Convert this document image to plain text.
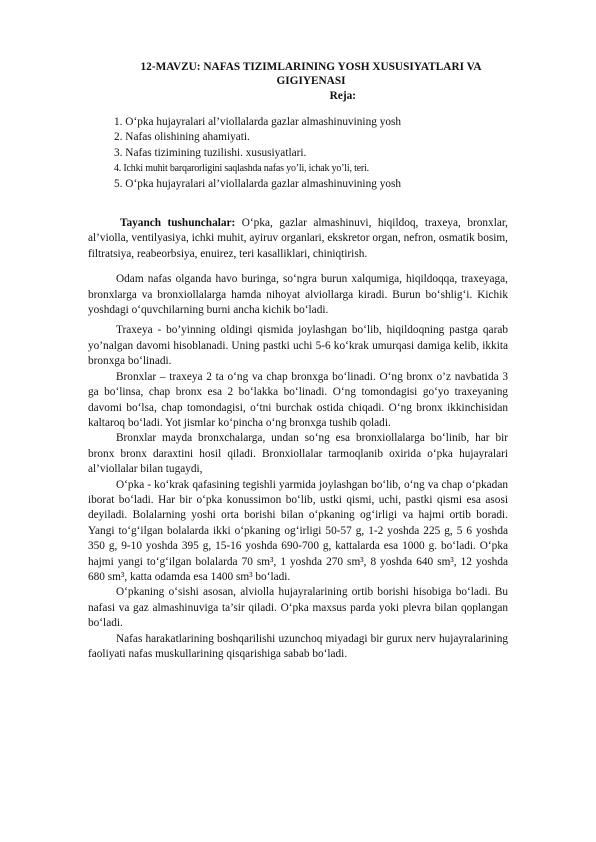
12-MAVZU: NAFAS TIZIMLARINING YOSH XUSUSIYATLARI VA GIGIYENASI
Reja:
1. O‘pka hujayralari al’viollalarda gazlar almashinuvining yosh
2. Nafas olishining ahamiyati.
3. Nafas tizimining tuzilishi. xususiyatlari.
4. Ichki muhit barqarorligini saqlashda nafas yo’li, ichak yo’li, teri.
5. O‘pka hujayralari al’viollalarda gazlar almashinuvining yosh
Tayanch tushunchalar: O‘pka, gazlar almashinuvi, hiqildoq, traxeya, bronxlar, al’violla, ventilyasiya, ichki muhit, ayiruv organlari, ekskretor organ, nefron, osmatik bosim, filtratsiya, reabeorbsiya, enuirez, teri kasalliklari, chiniqtirish.

Odam nafas olganda havo buringa, so‘ngra burun xalqumiga, hiqildoqqa, traxeyaga, bronxlarga va bronxiollalarga hamda nihoyat alviollarga kiradi. Burun bo‘shlig‘i. Kichik yoshdagi o‘quvchilarning burni ancha kichik bo‘ladi.

Traxeya - bo’yinning oldingi qismida joylashgan bo‘lib, hiqildoqning pastga qarab yo’nalgan davomi hisoblanadi. Uning pastki uchi 5-6 ko‘krak umurqasi damiga kelib, ikkita bronxga bo‘linadi.

Bronxlar – traxeya 2 ta o‘ng va chap bronxga bo‘linadi. O‘ng bronx o’z navbatida 3 ga bo‘linsa, chap bronx esa 2 bo‘lakka bo‘linadi. O‘ng tomondagisi go‘yo traxeyaning davomi bo‘lsa, chap tomondagisi, o‘tni burchak ostida chiqadi. O‘ng bronx ikkinchisidan kaltaroq bo‘ladi. Yot jismlar ko‘pincha o‘ng bronxga tushib qoladi.

Bronxlar mayda bronxchalarga, undan so‘ng esa bronxiollalarga bo‘linib, har bir bronx bronx daraxtini hosil qiladi. Bronxiollalar tarmoqlanib oxirida o‘pka hujayralari al’viollalar bilan tugaydi,

O‘pka - ko‘krak qafasining tegishli yarmida joylashgan bo‘lib, o‘ng va chap o‘pkadan iborat bo‘ladi. Har bir o‘pka konussimon bo‘lib, ustki qismi, uchi, pastki qismi esa asosi deyiladi. Bolalarning yoshi orta borishi bilan o‘pkaning og‘irligi va hajmi ortib boradi. Yangi to‘g‘ilgan bolalarda ikki o‘pkaning og‘irligi 50-57 g, 1-2 yoshda 225 g, 5 6 yoshda 350 g, 9-10 yoshda 395 g, 15-16 yoshda 690-700 g, kattalarda esa 1000 g. bo‘ladi. O‘pka hajmi yangi to‘g‘ilgan bolalarda 70 sm³, 1 yoshda 270 sm³, 8 yoshda 640 sm³, 12 yoshda 680 sm³, katta odamda esa 1400 sm³ bo‘ladi.

O‘pkaning o‘sishi asosan, alviolla hujayralarining ortib borishi hisobiga bo‘ladi. Bu nafasi va gaz almashinuviga ta’sir qiladi. O‘pka maxsus parda yoki plevra bilan qoplangan bo‘ladi.

Nafas harakatlarining boshqarilishi uzunchoq miyadagi bir gurux nerv hujayralarining faoliyati nafas muskullarining qisqarishiga sabab bo‘ladi.
